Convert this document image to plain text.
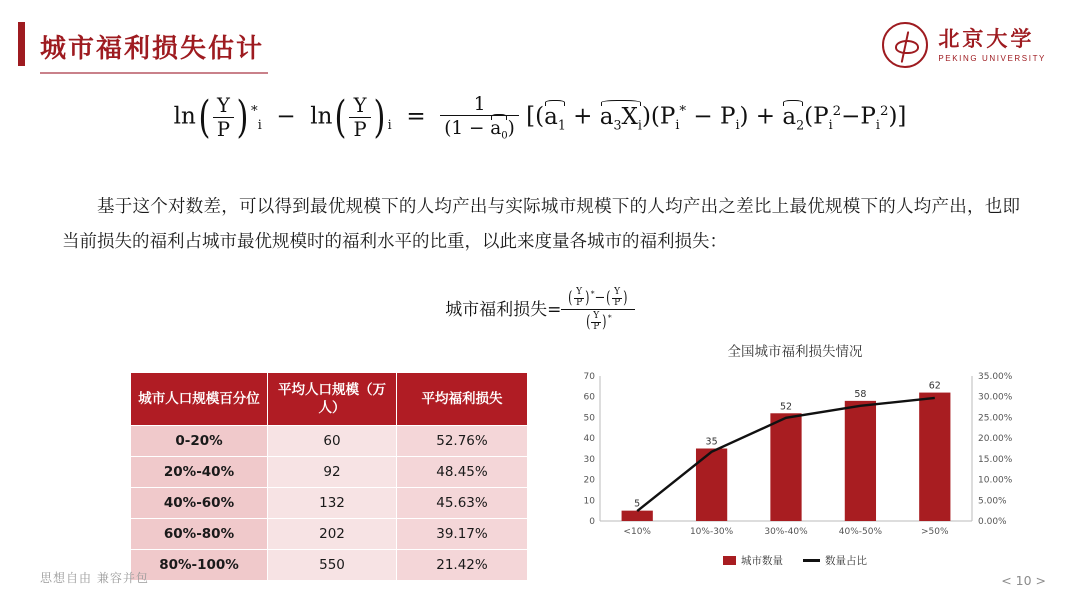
城市福利损失估计	北京大学
PEKING UNIVERSITY
$\ln( \frac{Y}{P}$ ) $^*_i - \ln( \frac{Y}{P}$ ) $_i = \frac{1}{(1 - a_0)} [(a_1 + a_3X_i)(P_i^* - P_i) + a_2(P_i^2-P_i^2)]$
基于这个对数差，可以得到最优规模下的人均产出与实际城市规模下的人均产出之差比上最优规模下的人均产出，也即当前损失的福利占城市最优规模时的福利水平的比重，以此来度量各城市的福利损失：
城市福利损失= $\frac{( \frac{Y}{P} )^*-( \frac{Y}{P} )}{( \frac{Y}{P} )^*}$
城市人口规模百分位	平均人口规模（万人）	平均福利损失
0-20%	60	52.76%
20%-40%	92	48.45%
40%-60%	132	45.63%
60%-80%	202	39.17%
80%-100%	550	21.42%
全国城市福利损失情况
0
10
20
30
40
50
60
70
0.00%
5.00%
10.00%
15.00%
20.00%
25.00%
30.00%
35.00%
5
35
52
58
62
<10%	10%-30%	30%-40%	40%-50%	>50%
城市数量	数量占比
思想自由 兼容并包	< 10 >
